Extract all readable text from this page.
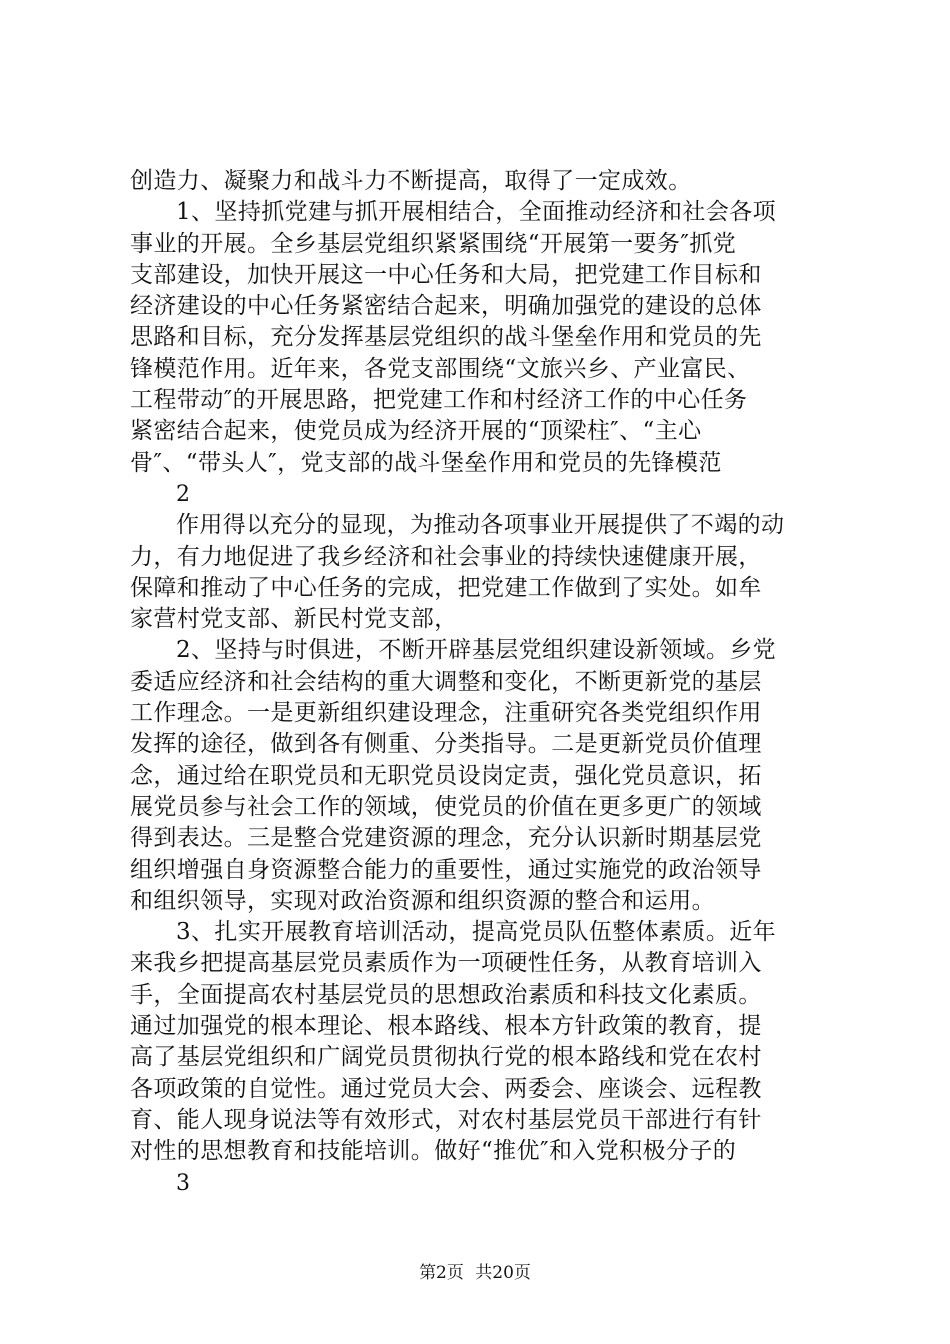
创造力、凝聚力和战斗力不断提高，取得了一定成效。
1、坚持抓党建与抓开展相结合，全面推动经济和社会各项
事业的开展。全乡基层党组织紧紧围绕“开展第一要务″抓党
支部建设，加快开展这一中心任务和大局，把党建工作目标和
经济建设的中心任务紧密结合起来，明确加强党的建设的总体
思路和目标，充分发挥基层党组织的战斗堡垒作用和党员的先
锋模范作用。近年来，各党支部围绕“文旅兴乡、产业富民、
工程带动″的开展思路，把党建工作和村经济工作的中心任务
紧密结合起来，使党员成为经济开展的“顶梁柱″、“主心
骨″、“带头人″，党支部的战斗堡垒作用和党员的先锋模范
2
作用得以充分的显现，为推动各项事业开展提供了不竭的动
力，有力地促进了我乡经济和社会事业的持续快速健康开展，
保障和推动了中心任务的完成，把党建工作做到了实处。如牟
家营村党支部、新民村党支部，
2、坚持与时俱进，不断开辟基层党组织建设新领域。乡党
委适应经济和社会结构的重大调整和变化，不断更新党的基层
工作理念。一是更新组织建设理念，注重研究各类党组织作用
发挥的途径，做到各有侧重、分类指导。二是更新党员价值理
念，通过给在职党员和无职党员设岗定责，强化党员意识，拓
展党员参与社会工作的领域，使党员的价值在更多更广的领域
得到表达。三是整合党建资源的理念，充分认识新时期基层党
组织增强自身资源整合能力的重要性，通过实施党的政治领导
和组织领导，实现对政治资源和组织资源的整合和运用。
3、扎实开展教育培训活动，提高党员队伍整体素质。近年
来我乡把提高基层党员素质作为一项硬性任务，从教育培训入
手，全面提高农村基层党员的思想政治素质和科技文化素质。
通过加强党的根本理论、根本路线、根本方针政策的教育，提
高了基层党组织和广阔党员贯彻执行党的根本路线和党在农村
各项政策的自觉性。通过党员大会、两委会、座谈会、远程教
育、能人现身说法等有效形式，对农村基层党员干部进行有针
对性的思想教育和技能培训。做好“推优″和入党积极分子的
3
第2页 共20页
